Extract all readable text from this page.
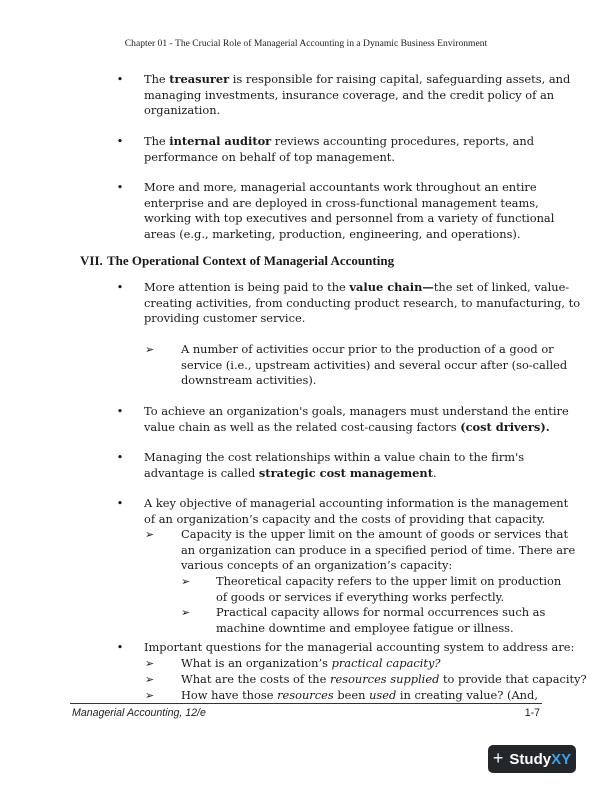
Chapter 01 - The Crucial Role of Managerial Accounting in a Dynamic Business Environment
• The treasurer is responsible for raising capital, safeguarding assets, and
managing investments, insurance coverage, and the credit policy of an
organization.
• The internal auditor reviews accounting procedures, reports, and
performance on behalf of top management.
• More and more, managerial accountants work throughout an entire
enterprise and are deployed in cross-functional management teams,
working with top executives and personnel from a variety of functional
areas (e.g., marketing, production, engineering, and operations).
VII. The Operational Context of Managerial Accounting
• More attention is being paid to the value chain—the set of linked, value-
creating activities, from conducting product research, to manufacturing, to
providing customer service.
➢ A number of activities occur prior to the production of a good or
service (i.e., upstream activities) and several occur after (so-called
downstream activities).
• To achieve an organization's goals, managers must understand the entire
value chain as well as the related cost-causing factors (cost drivers).
• Managing the cost relationships within a value chain to the firm's
advantage is called strategic cost management.
• A key objective of managerial accounting information is the management
of an organization’s capacity and the costs of providing that capacity.
➢ Capacity is the upper limit on the amount of goods or services that
an organization can produce in a specified period of time. There are
various concepts of an organization’s capacity:
➢ Theoretical capacity refers to the upper limit on production
of goods or services if everything works perfectly.
➢ Practical capacity allows for normal occurrences such as
machine downtime and employee fatigue or illness.
• Important questions for the managerial accounting system to address are:
➢ What is an organization’s practical capacity?
➢ What are the costs of the resources supplied to provide that capacity?
➢ How have those resources been used in creating value? (And,
Managerial Accounting, 12/e	1-7
+ StudyXY
